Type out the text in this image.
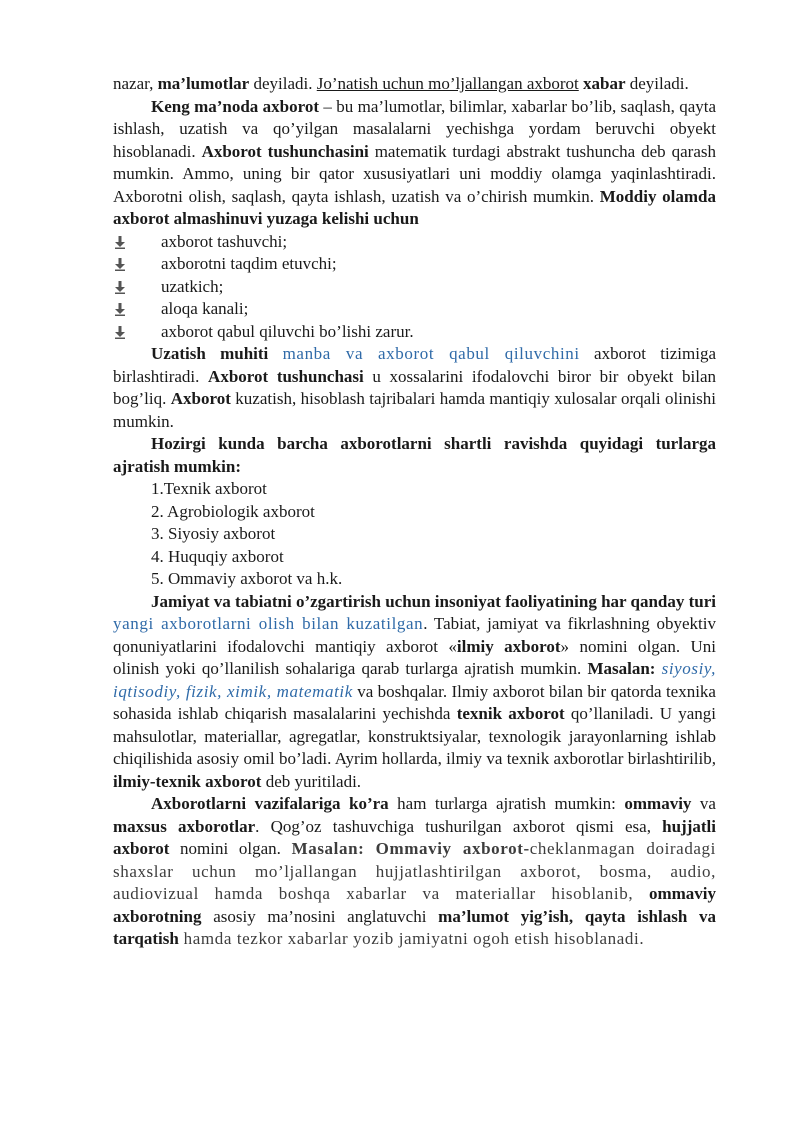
nazar, ma’lumotlar deyiladi. Jo’natish uchun mo’ljallangan axborot xabar deyiladi.

Keng ma’noda axborot – bu ma’lumotlar, bilimlar, xabarlar bo’lib, saqlash, qayta ishlash, uzatish va qo’yilgan masalalarni yechishga yordam beruvchi obyekt hisoblanadi. Axborot tushunchasini matematik turdagi abstrakt tushuncha deb qarash mumkin. Ammo, uning bir qator xususiyatlari uni moddiy olamga yaqinlashtiradi. Axborotni olish, saqlash, qayta ishlash, uzatish va o’chirish mumkin. Moddiy olamda axborot almashinuvi yuzaga kelishi uchun

axborot tashuvchi;
axborotni taqdim etuvchi;
uzatkich;
aloqa kanali;
axborot qabul qiluvchi bo’lishi zarur.

Uzatish muhiti manba va axborot qabul qiluvchini axborot tizimiga birlashtiradi. Axborot tushunchasi u xossalarini ifodalovchi biror bir obyekt bilan bog’liq. Axborot kuzatish, hisoblash tajribalari hamda mantiqiy xulosalar orqali olinishi mumkin.

Hozirgi kunda barcha axborotlarni shartli ravishda quyidagi turlarga ajratish mumkin:

1.Texnik axborot
2. Agrobiologik axborot
3. Siyosiy axborot
4. Huquqiy axborot
5. Ommaviy axborot va h.k.

Jamiyat va tabiatni o’zgartirish uchun insoniyat faoliyatining har qanday turi yangi axborotlarni olish bilan kuzatilgan. Tabiat, jamiyat va fikrlashning obyektiv qonuniyatlarini ifodalovchi mantiqiy axborot «ilmiy axborot» nomini olgan. Uni olinish yoki qo’llanilish sohalariga qarab turlarga ajratish mumkin. Masalan: siyosiy, iqtisodiy, fizik, ximik, matematik va boshqalar. Ilmiy axborot bilan bir qatorda texnika sohasida ishlab chiqarish masalalarini yechishda texnik axborot qo’llaniladi. U yangi mahsulotlar, materiallar, agregatlar, konstruktsiyalar, texnologik jarayonlarning ishlab chiqilishida asosiy omil bo’ladi. Ayrim hollarda, ilmiy va texnik axborotlar birlashtirilib, ilmiy-texnik axborot deb yuritiladi.

Axborotlarni vazifalariga ko’ra ham turlarga ajratish mumkin: ommaviy va maxsus axborotlar. Qog’oz tashuvchiga tushurilgan axborot qismi esa, hujjatli axborot nomini olgan. Masalan: Ommaviy axborot-cheklanmagan doiradagi shaxslar uchun mo’ljallangan hujjatlashtirilgan axborot, bosma, audio, audiovizual hamda boshqa xabarlar va materiallar hisoblanib, ommaviy axborotning asosiy ma’nosini anglatuvchi ma’lumot yig’ish, qayta ishlash va tarqatish hamda tezkor xabarlar yozib jamiyatni ogoh etish hisoblanadi.
